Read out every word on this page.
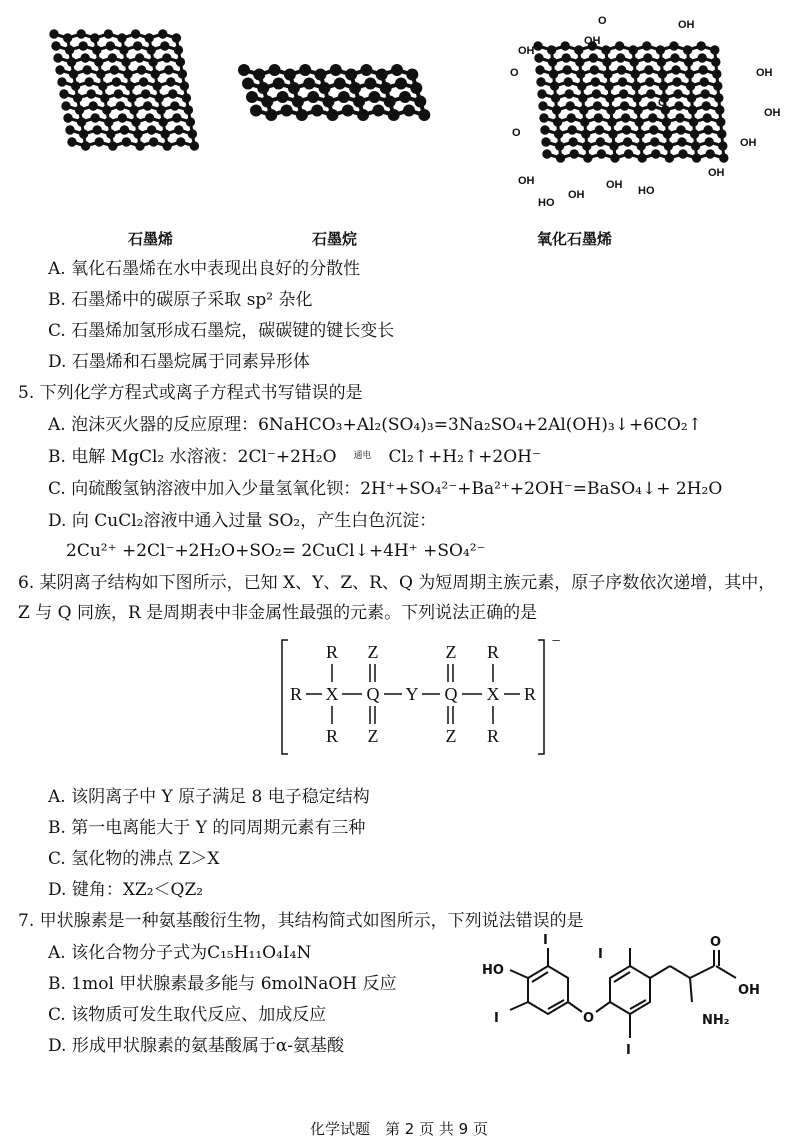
石墨烯	石墨烷
OH
OH
O
OH
O
OH
OH
OH
O
OH
HO
OH
OH HO
O
OH
氧化石墨烯
A. 氧化石墨烯在水中表现出良好的分散性
B. 石墨烯中的碳原子采取 sp² 杂化
C. 石墨烯加氢形成石墨烷，碳碳键的键长变长
D. 石墨烯和石墨烷属于同素异形体
5. 下列化学方程式或离子方程式书写错误的是
A. 泡沫灭火器的反应原理：6NaHCO₃+Al₂(SO₄)₃=3Na₂SO₄+2Al(OH)₃↓+6CO₂↑
B. 电解 MgCl₂ 水溶液：2Cl⁻+2H₂O	通电	Cl₂↑+H₂↑+2OH⁻
C. 向硫酸氢钠溶液中加入少量氢氧化钡：2H⁺+SO₄²⁻+Ba²⁺+2OH⁻=BaSO₄↓+ 2H₂O
D. 向 CuCl₂溶液中通入过量 SO₂，产生白色沉淀：
2Cu²⁺ +2Cl⁻+2H₂O+SO₂= 2CuCl↓+4H⁺ +SO₄²⁻
6. 某阴离子结构如下图所示，已知 X、Y、Z、R、Q 为短周期主族元素，原子序数依次递增，其中，Z 与 Q 同族，R 是周期表中非金属性最强的元素。下列说法正确的是
R X
R
R
Q
Z
Z
Y Q
Z
Z
X
R
R
R
−
A. 该阴离子中 Y 原子满足 8 电子稳定结构
B. 第一电离能大于 Y 的同周期元素有三种
C. 氢化物的沸点 Z＞X
D. 键角：XZ₂＜QZ₂
7. 甲状腺素是一种氨基酸衍生物，其结构简式如图所示，下列说法错误的是
A. 该化合物分子式为C₁₅H₁₁O₄I₄N
B. 1mol 甲状腺素最多能与 6molNaOH 反应
C. 该物质可发生取代反应、加成反应
D. 形成甲状腺素的氨基酸属于α-氨基酸
HO
I
I	O
I
I
NH₂
O
OH
化学试题　第 2 页 共 9 页
